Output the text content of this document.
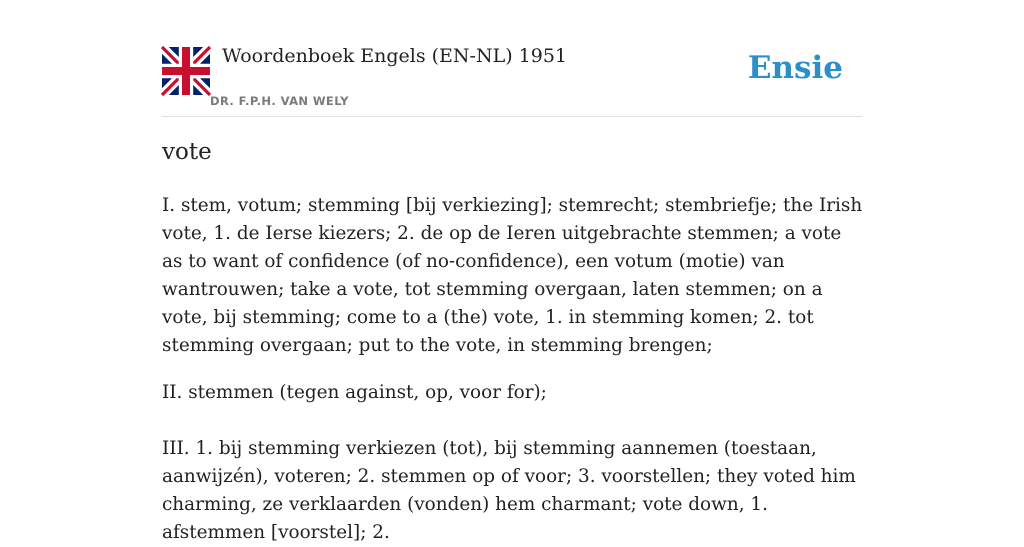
Woordenboek Engels (EN-NL) 1951
DR. F.P.H. VAN WELY
Ensie
vote

I. stem, votum; stemming [bij verkiezing]; stemrecht; stembriefje; the Irish vote, 1. de Ierse kiezers; 2. de op de Ieren uitgebrachte stemmen; a vote as to want of confidence (of no-confidence), een votum (motie) van wantrouwen; take a vote, tot stemming overgaan, laten stemmen; on a vote, bij stemming; come to a (the) vote, 1. in stemming komen; 2. tot stemming overgaan; put to the vote, in stemming brengen;

II. stemmen (tegen against, op, voor for);

III. 1. bij stemming verkiezen (tot), bij stemming aannemen (toestaan, aanwijzén), voteren; 2. stemmen op of voor; 3. voorstellen; they voted him charming, ze verklaarden (vonden) hem charmant; vote down, 1. afstemmen [voorstel]; 2.
